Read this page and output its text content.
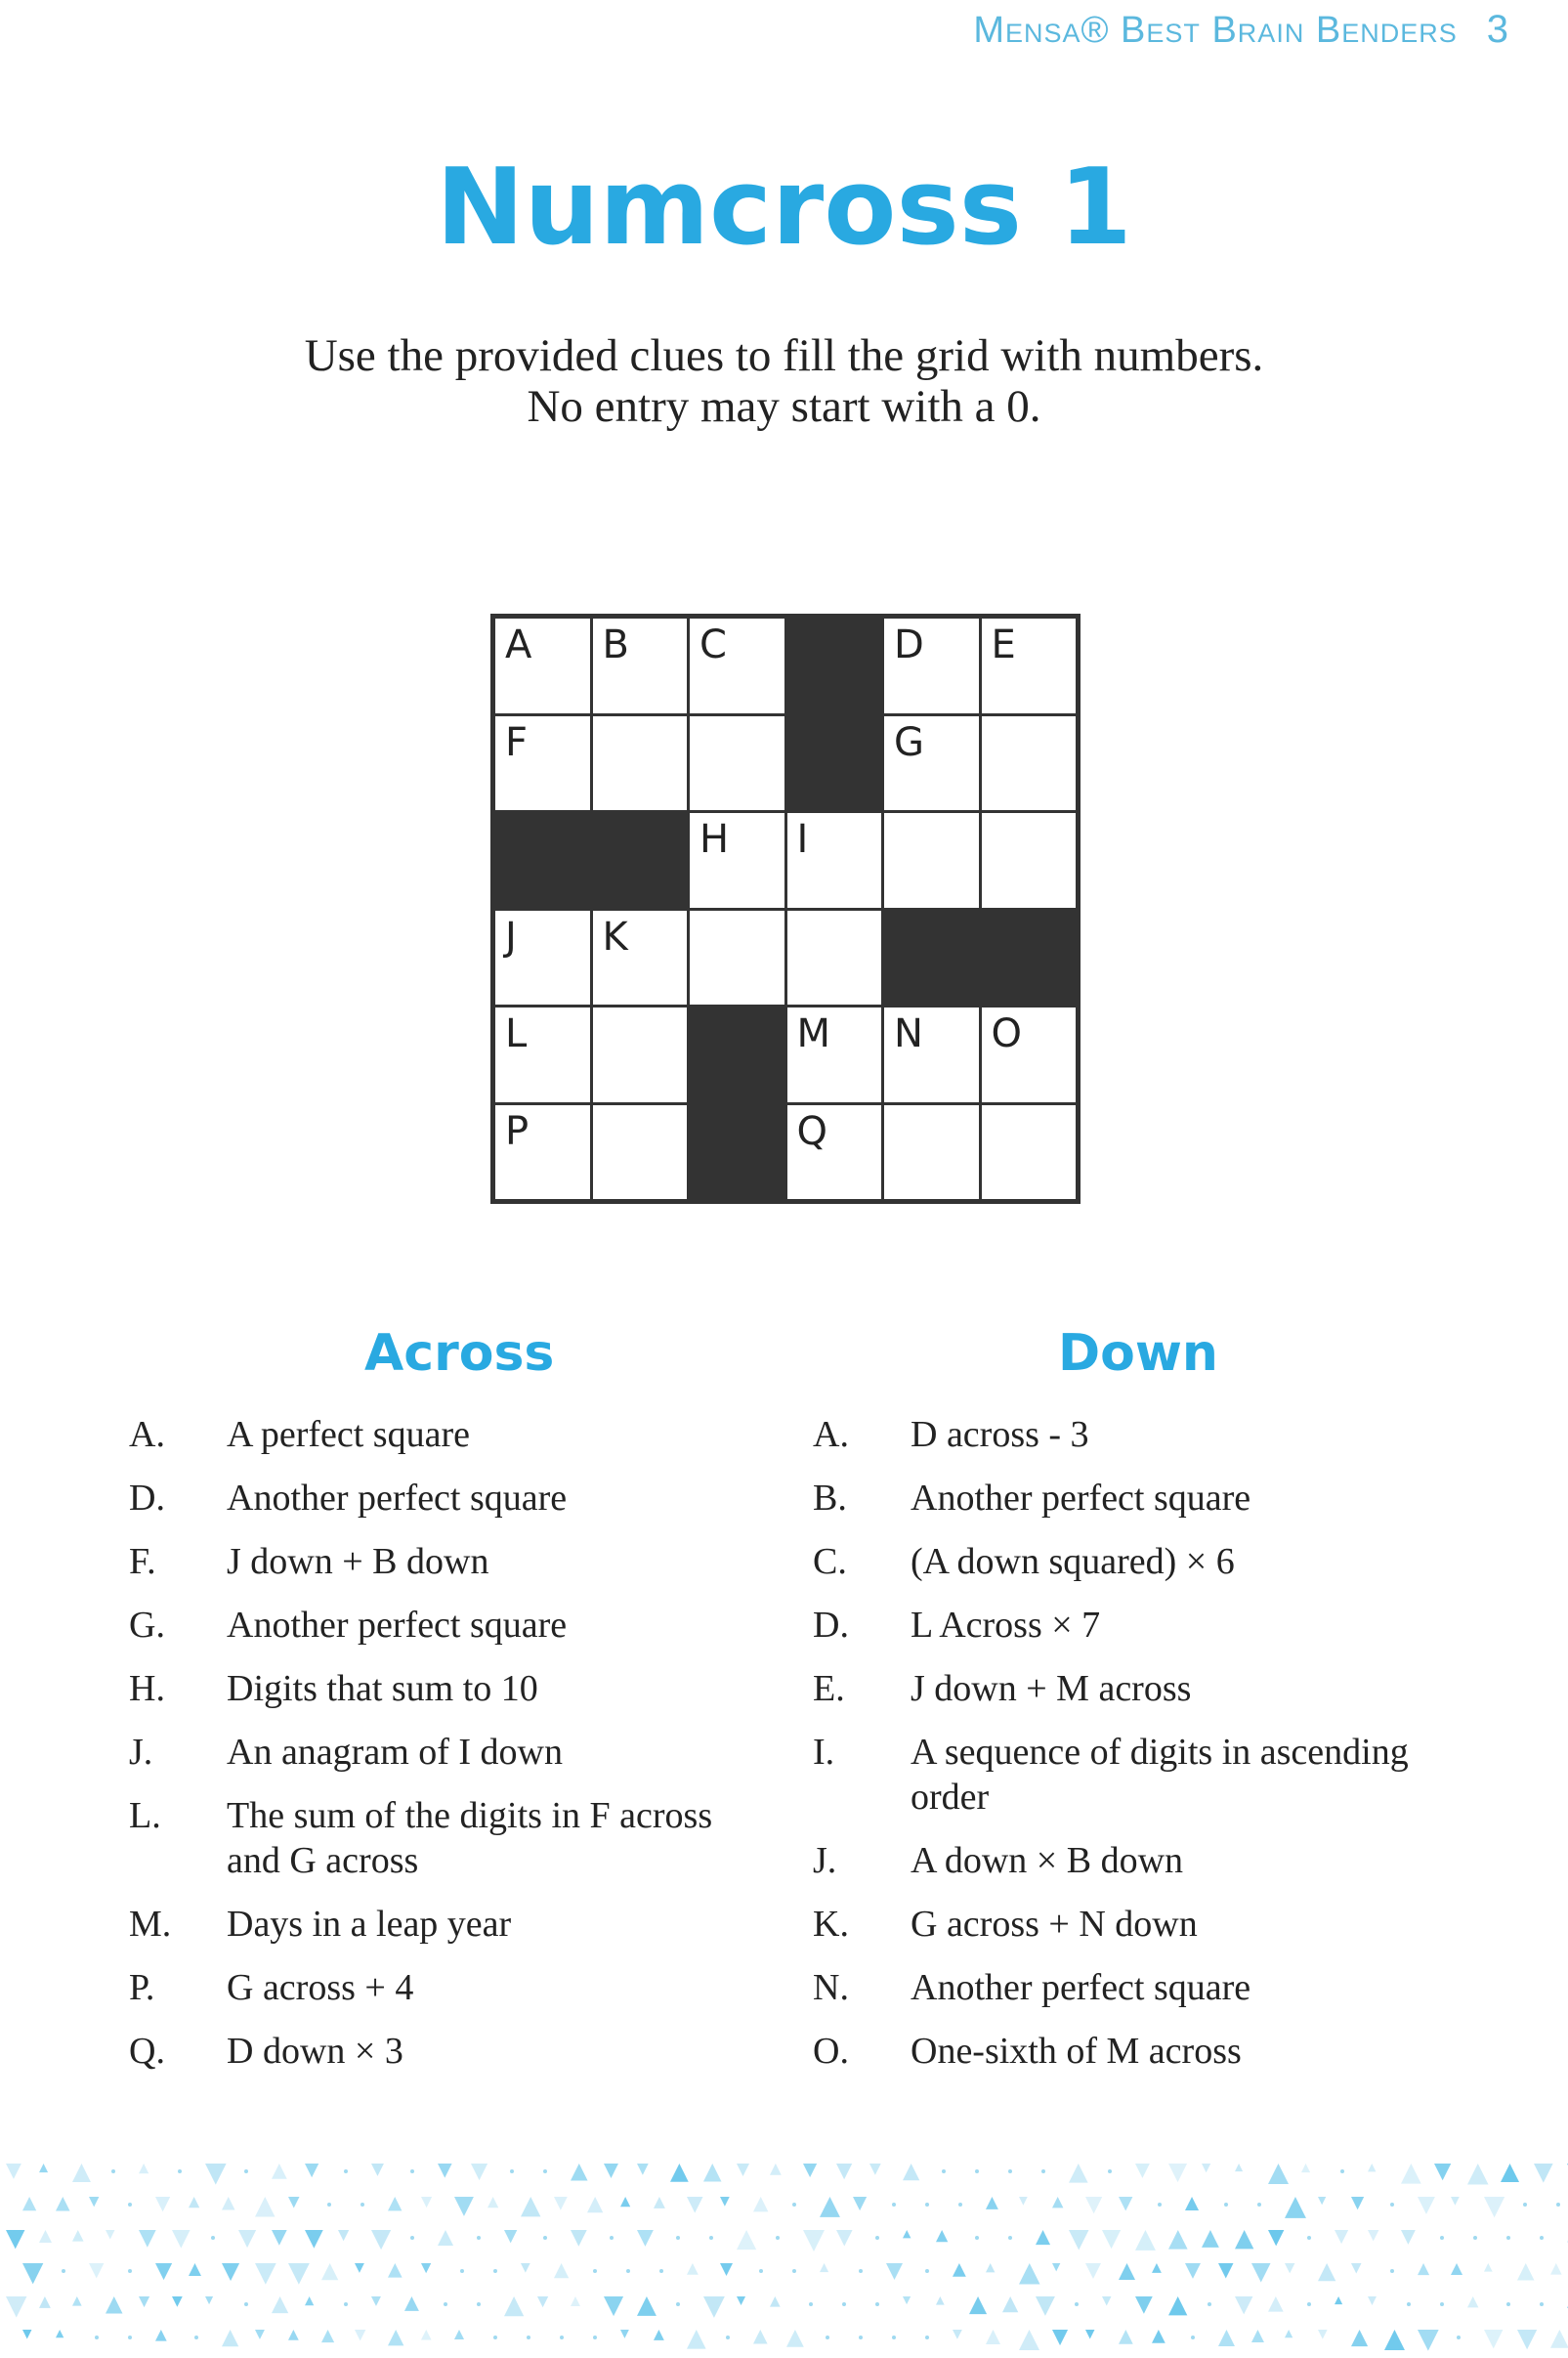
Mensa® Best Brain Benders 3
Numcross 1
Use the provided clues to fill the grid with numbers.
No entry may start with a 0.
A B C	D E
F	G
H I
J K
L	M N O
P	Q
Across	Down
A.	A perfect square
D.	Another perfect square
F.	J down + B down
G.	Another perfect square
H.	Digits that sum to 10
J.	An anagram of I down
L.	The sum of the digits in F across and G across
M.	Days in a leap year
P.	G across + 4
Q.	D down × 3
A.	D across - 3
B.	Another perfect square
C.	(A down squared) × 6
D.	L Across × 7
E.	J down + M across
I.	A sequence of digits in ascending order
J.	A down × B down
K.	G across + N down
N.	Another perfect square
O.	One-sixth of M across
